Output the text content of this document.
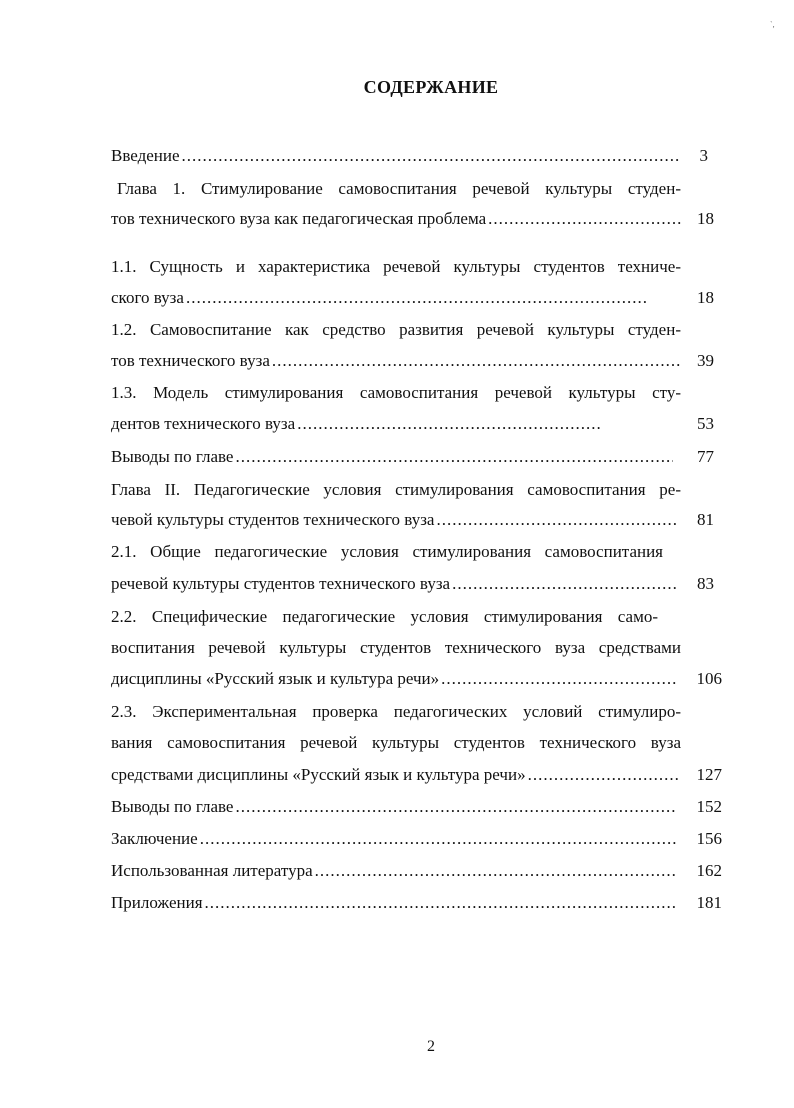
`,
СОДЕРЖАНИЕ
Введение .....	3
Глава 1. Стимулирование самовоспитания речевой культуры студен-
тов технического вуза как педагогическая проблема .....	18
1.1. Сущность и характеристика речевой культуры студентов техниче-
ского вуза .....	18
1.2. Самовоспитание как средство развития речевой культуры студен-
тов технического вуза .....	39
1.3. Модель стимулирования самовоспитания речевой культуры сту-
дентов технического вуза .....	53
Выводы по главе .....	77
Глава II. Педагогические условия стимулирования самовоспитания ре-
чевой культуры студентов технического вуза .....	81
2.1. Общие педагогические условия стимулирования самовоспитания
речевой культуры студентов технического вуза .....	83
2.2. Специфические педагогические условия стимулирования само-
воспитания речевой культуры студентов технического вуза средствами
дисциплины «Русский язык и культура речи» .....	106
2.3. Экспериментальная проверка педагогических условий стимулиро-
вания самовоспитания речевой культуры студентов технического вуза
средствами дисциплины «Русский язык и культура речи» .....	127
Выводы по главе .....	152
Заключение .....	156
Использованная литература .....	162
Приложения .....	181
2
